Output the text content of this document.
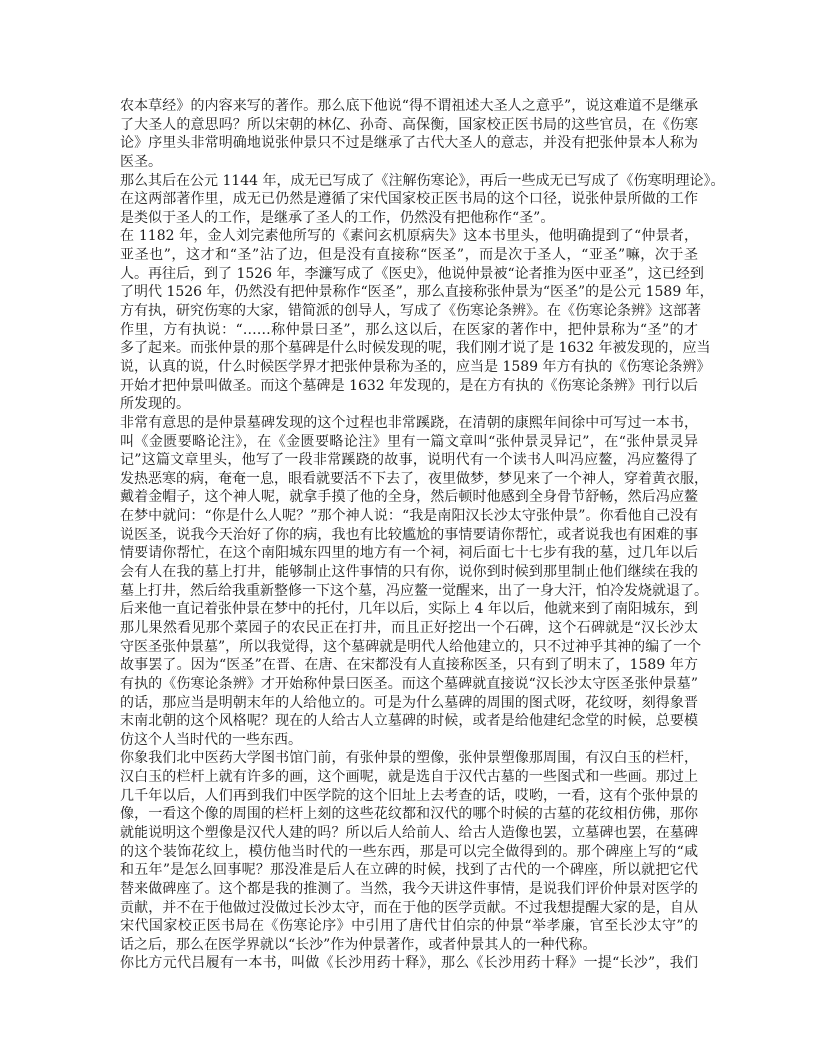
农本草经》的内容来写的著作。那么底下他说“得不谓祖述大圣人之意乎”，说这难道不是继承
了大圣人的意思吗？所以宋朝的林亿、孙奇、高保衡，国家校正医书局的这些官员，在《伤寒
论》序里头非常明确地说张仲景只不过是继承了古代大圣人的意志，并没有把张仲景本人称为
医圣。
那么其后在公元 1144 年，成无已写成了《注解伤寒论》，再后一些成无已写成了《伤寒明理论》。
在这两部著作里，成无已仍然是遵循了宋代国家校正医书局的这个口径，说张仲景所做的工作
是类似于圣人的工作，是继承了圣人的工作，仍然没有把他称作“圣”。
在 1182 年，金人刘完素他所写的《素问玄机原病失》这本书里头，他明确提到了“仲景者，
亚圣也”，这才和“圣”沾了边，但是没有直接称“医圣”，而是次于圣人，“亚圣”嘛，次于圣
人。再往后，到了 1526 年，李濂写成了《医史》，他说仲景被“论者推为医中亚圣”，这已经到
了明代 1526 年，仍然没有把仲景称作“医圣”，那么直接称张仲景为“医圣”的是公元 1589 年，
方有执，研究伤寒的大家，错简派的创导人，写成了《伤寒论条辨》。在《伤寒论条辨》这部著
作里，方有执说：“……称仲景曰圣”，那么这以后，在医家的著作中，把仲景称为“圣”的才
多了起来。而张仲景的那个墓碑是什么时候发现的呢，我们刚才说了是 1632 年被发现的，应当
说，认真的说，什么时候医学界才把张仲景称为圣的，应当是 1589 年方有执的《伤寒论条辨》
开始才把仲景叫做圣。而这个墓碑是 1632 年发现的，是在方有执的《伤寒论条辨》刊行以后
所发现的。
非常有意思的是仲景墓碑发现的这个过程也非常蹊跷，在清朝的康熙年间徐中可写过一本书，
叫《金匮要略论注》，在《金匮要略论注》里有一篇文章叫“张仲景灵异记”，在“张仲景灵异
记”这篇文章里头，他写了一段非常蹊跷的故事，说明代有一个读书人叫冯应鳌，冯应鳌得了
发热恶寒的病，奄奄一息，眼看就要活不下去了，夜里做梦，梦见来了一个神人，穿着黄衣服，
戴着金帽子，这个神人呢，就拿手摸了他的全身，然后顿时他感到全身骨节舒畅，然后冯应鳌
在梦中就问：“你是什么人呢？”那个神人说：“我是南阳汉长沙太守张仲景”。你看他自己没有
说医圣，说我今天治好了你的病，我也有比较尴尬的事情要请你帮忙，或者说我也有困难的事
情要请你帮忙，在这个南阳城东四里的地方有一个祠，祠后面七十七步有我的墓，过几年以后
会有人在我的墓上打井，能够制止这件事情的只有你，说你到时候到那里制止他们继续在我的
墓上打井，然后给我重新整修一下这个墓，冯应鳌一觉醒来，出了一身大汗，怕冷发烧就退了。
后来他一直记着张仲景在梦中的托付，几年以后，实际上 4 年以后，他就来到了南阳城东，到
那儿果然看见那个菜园子的农民正在打井，而且正好挖出一个石碑，这个石碑就是“汉长沙太
守医圣张仲景墓”，所以我觉得，这个墓碑就是明代人给他建立的，只不过神乎其神的编了一个
故事罢了。因为“医圣”在晋、在唐、在宋都没有人直接称医圣，只有到了明末了，1589 年方
有执的《伤寒论条辨》才开始称仲景曰医圣。而这个墓碑就直接说“汉长沙太守医圣张仲景墓”
的话，那应当是明朝末年的人给他立的。可是为什么墓碑的周围的图式呀，花纹呀，刻得象晋
末南北朝的这个风格呢？现在的人给古人立墓碑的时候，或者是给他建纪念堂的时候，总要模
仿这个人当时代的一些东西。
你象我们北中医药大学图书馆门前，有张仲景的塑像，张仲景塑像那周围，有汉白玉的栏杆，
汉白玉的栏杆上就有许多的画，这个画呢，就是选自于汉代古墓的一些图式和一些画。那过上
几千年以后，人们再到我们中医学院的这个旧址上去考查的话，哎哟，一看，这有个张仲景的
像，一看这个像的周围的栏杆上刻的这些花纹都和汉代的哪个时候的古墓的花纹相仿佛，那你
就能说明这个塑像是汉代人建的吗？所以后人给前人、给古人造像也罢，立墓碑也罢，在墓碑
的这个装饰花纹上，模仿他当时代的一些东西，那是可以完全做得到的。那个碑座上写的“咸
和五年”是怎么回事呢？那没准是后人在立碑的时候，找到了古代的一个碑座，所以就把它代
替来做碑座了。这个都是我的推测了。当然，我今天讲这件事情，是说我们评价仲景对医学的
贡献，并不在于他做过没做过长沙太守，而在于他的医学贡献。不过我想提醒大家的是，自从
宋代国家校正医书局在《伤寒论序》中引用了唐代甘伯宗的仲景“举孝廉，官至长沙太守”的
话之后，那么在医学界就以“长沙”作为仲景著作，或者仲景其人的一种代称。
你比方元代吕履有一本书，叫做《长沙用药十释》，那么《长沙用药十释》一提“长沙”，我们
